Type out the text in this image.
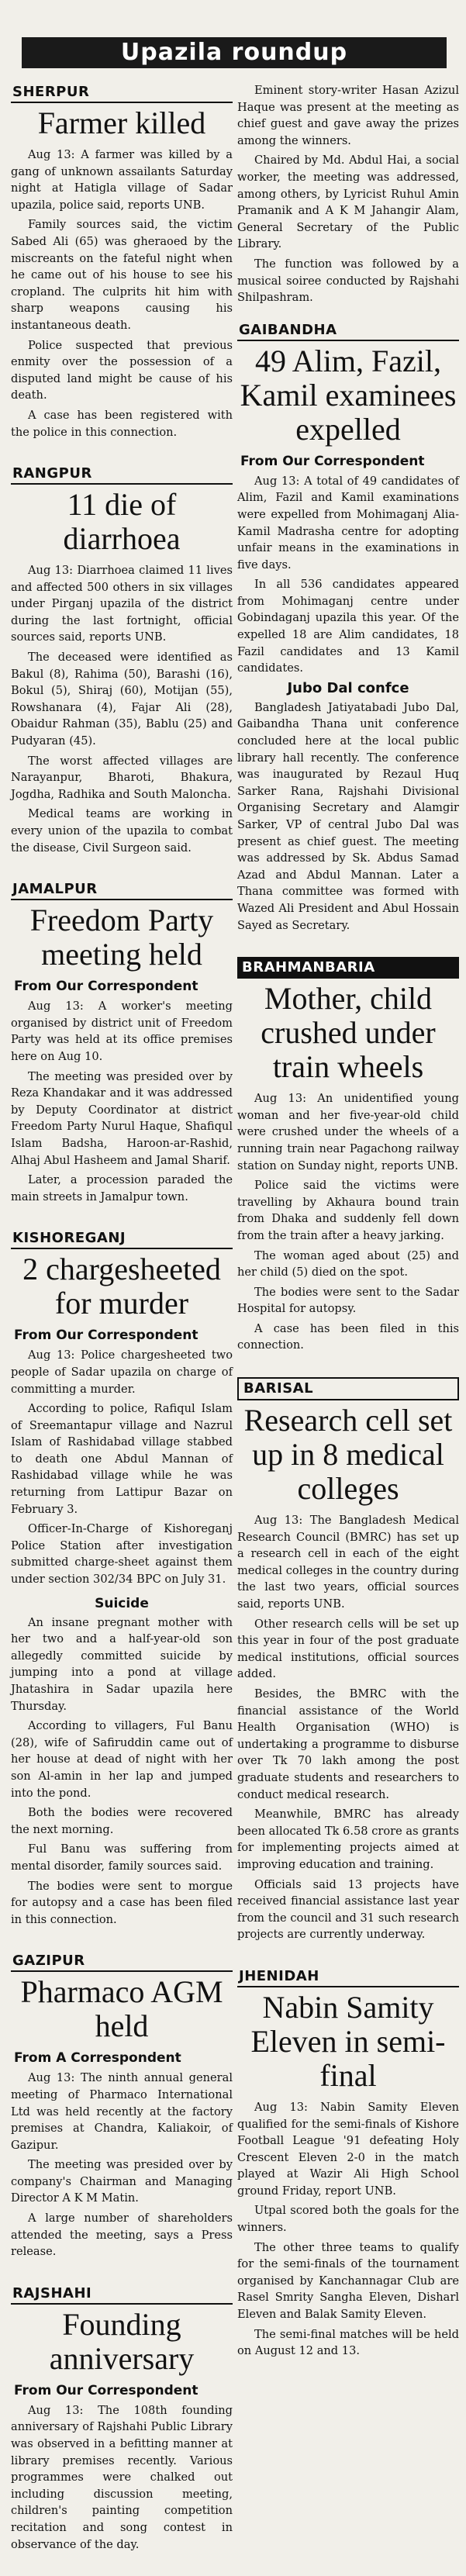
Upazila roundup
SHERPUR
Farmer killed

Aug 13: A farmer was killed by a gang of unknown assailants Saturday night at Hatigla village of Sadar upazila, police said, reports UNB.

Family sources said, the victim Sabed Ali (65) was gheraoed by the miscreants on the fateful night when he came out of his house to see his cropland. The culprits hit him with sharp weapons causing his instantaneous death.

Police suspected that previous enmity over the possession of a disputed land might be cause of his death.

A case has been registered with the police in this connection.

RANGPUR
11 die of diarrhoea

Aug 13: Diarrhoea claimed 11 lives and affected 500 others in six villages under Pirganj upazila of the district during the last fortnight, official sources said, reports UNB.

The deceased were identified as Bakul (8), Rahima (50), Barashi (16), Bokul (5), Shiraj (60), Motijan (55), Rowshanara (4), Fajar Ali (28), Obaidur Rahman (35), Bablu (25) and Pudyaran (45).

The worst affected villages are Narayanpur, Bharoti, Bhakura, Jogdha, Radhika and South Maloncha.

Medical teams are working in every union of the upazila to combat the disease, Civil Surgeon said.

JAMALPUR
Freedom Party meeting held
From Our Correspondent

Aug 13: A worker's meeting organised by district unit of Freedom Party was held at its office premises here on Aug 10.

The meeting was presided over by Reza Khandakar and it was addressed by Deputy Coordinator at district Freedom Party Nurul Haque, Shafiqul Islam Badsha, Haroon-ar-Rashid, Alhaj Abul Hasheem and Jamal Sharif.

Later, a procession paraded the main streets in Jamalpur town.

KISHOREGANJ
2 chargesheeted for murder
From Our Correspondent

Aug 13: Police chargesheeted two people of Sadar upazila on charge of committing a murder.

According to police, Rafiqul Islam of Sreemantapur village and Nazrul Islam of Rashidabad village stabbed to death one Abdul Mannan of Rashidabad village while he was returning from Lattipur Bazar on February 3.

Officer-In-Charge of Kishoreganj Police Station after investigation submitted charge-sheet against them under section 302/34 BPC on July 31.

Suicide

An insane pregnant mother with her two and a half-year-old son allegedly committed suicide by jumping into a pond at village Jhatashira in Sadar upazila here Thursday.

According to villagers, Ful Banu (28), wife of Safiruddin came out of her house at dead of night with her son Al-amin in her lap and jumped into the pond.

Both the bodies were recovered the next morning.

Ful Banu was suffering from mental disorder, family sources said.

The bodies were sent to morgue for autopsy and a case has been filed in this connection.

GAZIPUR
Pharmaco AGM held
From A Correspondent

Aug 13: The ninth annual general meeting of Pharmaco International Ltd was held recently at the factory premises at Chandra, Kaliakoir, of Gazipur.

The meeting was presided over by company's Chairman and Managing Director A K M Matin.

A large number of shareholders attended the meeting, says a Press release.

RAJSHAHI
Founding anniversary
From Our Correspondent

Aug 13: The 108th founding anniversary of Rajshahi Public Library was observed in a befitting manner at library premises recently. Various programmes were chalked out including discussion meeting, children's painting competition recitation and song contest in observance of the day.

Eminent story-writer Hasan Azizul Haque was present at the meeting as chief guest and gave away the prizes among the winners.

Chaired by Md. Abdul Hai, a social worker, the meeting was addressed, among others, by Lyricist Ruhul Amin Pramanik and A K M Jahangir Alam, General Secretary of the Public Library.

The function was followed by a musical soiree conducted by Rajshahi Shilpashram.

GAIBANDHA
49 Alim, Fazil, Kamil examinees expelled
From Our Correspondent

Aug 13: A total of 49 candidates of Alim, Fazil and Kamil examinations were expelled from Mohimaganj Alia-Kamil Madrasha centre for adopting unfair means in the examinations in five days.

In all 536 candidates appeared from Mohimaganj centre under Gobindaganj upazila this year. Of the expelled 18 are Alim candidates, 18 Fazil candidates and 13 Kamil candidates.

Jubo Dal confce

Bangladesh Jatiyatabadi Jubo Dal, Gaibandha Thana unit conference concluded here at the local public library hall recently. The conference was inaugurated by Rezaul Huq Sarker Rana, Rajshahi Divisional Organising Secretary and Alamgir Sarker, VP of central Jubo Dal was present as chief guest. The meeting was addressed by Sk. Abdus Samad Azad and Abdul Mannan. Later a Thana committee was formed with Wazed Ali President and Abul Hossain Sayed as Secretary.

BRAHMANBARIA
Mother, child crushed under train wheels

Aug 13: An unidentified young woman and her five-year-old child were crushed under the wheels of a running train near Pagachong railway station on Sunday night, reports UNB.

Police said the victims were travelling by Akhaura bound train from Dhaka and suddenly fell down from the train after a heavy jarking.

The woman aged about (25) and her child (5) died on the spot.

The bodies were sent to the Sadar Hospital for autopsy.

A case has been filed in this connection.

BARISAL
Research cell set up in 8 medical colleges

Aug 13: The Bangladesh Medical Research Council (BMRC) has set up a research cell in each of the eight medical colleges in the country during the last two years, official sources said, reports UNB.

Other research cells will be set up this year in four of the post graduate medical institutions, official sources added.

Besides, the BMRC with the financial assistance of the World Health Organisation (WHO) is undertaking a programme to disburse over Tk 70 lakh among the post graduate students and researchers to conduct medical research.

Meanwhile, BMRC has already been allocated Tk 6.58 crore as grants for implementing projects aimed at improving education and training.

Officials said 13 projects have received financial assistance last year from the council and 31 such research projects are currently underway.

JHENIDAH
Nabin Samity Eleven in semi-final

Aug 13: Nabin Samity Eleven qualified for the semi-finals of Kishore Football League '91 defeating Holy Crescent Eleven 2-0 in the match played at Wazir Ali High School ground Friday, report UNB.

Utpal scored both the goals for the winners.

The other three teams to qualify for the semi-finals of the tournament organised by Kanchannagar Club are Rasel Smrity Sangha Eleven, Disharl Eleven and Balak Samity Eleven.

The semi-final matches will be held on August 12 and 13.
